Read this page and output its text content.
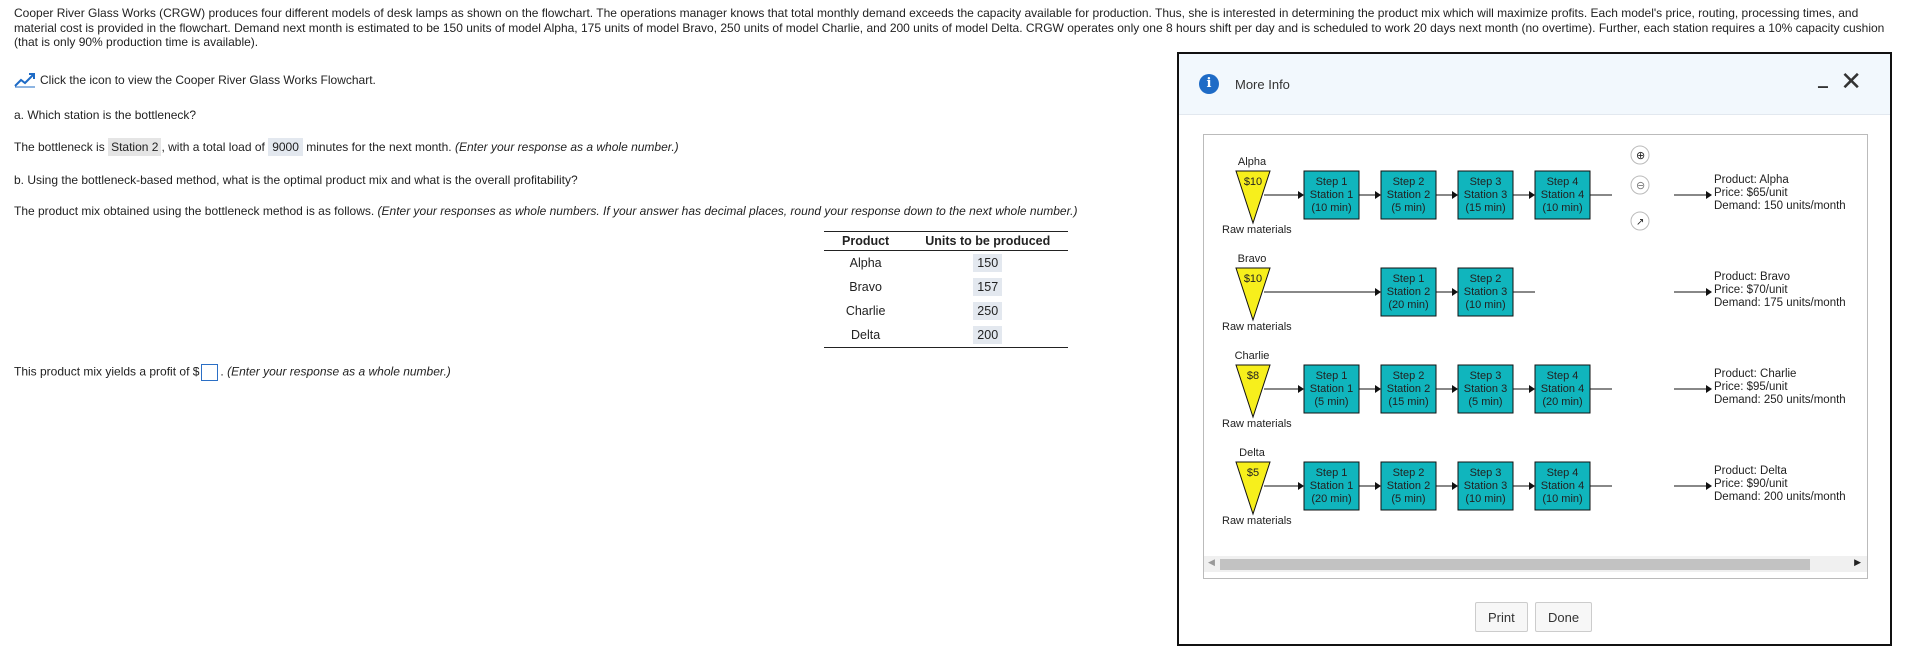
Cooper River Glass Works (CRGW) produces four different models of desk lamps as shown on the flowchart. The operations manager knows that total monthly demand exceeds the capacity available for production. Thus, she is interested in determining the product mix which will maximize profits. Each model's price, routing, processing times, and material cost is provided in the flowchart. Demand next month is estimated to be 150 units of model Alpha, 175 units of model Bravo, 250 units of model Charlie, and 200 units of model Delta. CRGW operates only one 8 hours shift per day and is scheduled to work 20 days next month (no overtime). Further, each station requires a 10% capacity cushion (that is only 90% production time is available).
Click the icon to view the Cooper River Glass Works Flowchart.
a. Which station is the bottleneck?
The bottleneck is Station 2 , with a total load of 9000 minutes for the next month. (Enter your response as a whole number.)
b. Using the bottleneck-based method, what is the optimal product mix and what is the overall profitability?
The product mix obtained using the bottleneck method is as follows. (Enter your responses as whole numbers. If your answer has decimal places, round your response down to the next whole number.)
Product	Units to be produced
Alpha	150
Bravo	157
Charlie	250
Delta	200
This product mix yields a profit of $ . (Enter your response as a whole number.)
i	More Info	‒ ✕
⊕
⊖
↗
Alpha
$10
Raw materials
Step 1
Station 1
(10 min)
Step 2
Station 2
(5 min)
Step 3
Station 3
(15 min)
Step 4
Station 4
(10 min)
Product: Alpha
Price: $65/unit
Demand: 150 units/month
Bravo
$10
Raw materials
Step 1
Station 2
(20 min)
Step 2
Station 3
(10 min)
Product: Bravo
Price: $70/unit
Demand: 175 units/month
Charlie
$8
Raw materials
Step 1
Station 1
(5 min)
Step 2
Station 2
(15 min)
Step 3
Station 3
(5 min)
Step 4
Station 4
(20 min)
Product: Charlie
Price: $95/unit
Demand: 250 units/month
Delta
$5
Raw materials
Step 1
Station 1
(20 min)
Step 2
Station 2
(5 min)
Step 3
Station 3
(10 min)
Step 4
Station 4
(10 min)
Product: Delta
Price: $90/unit
Demand: 200 units/month
◀	▶
Print	Done
